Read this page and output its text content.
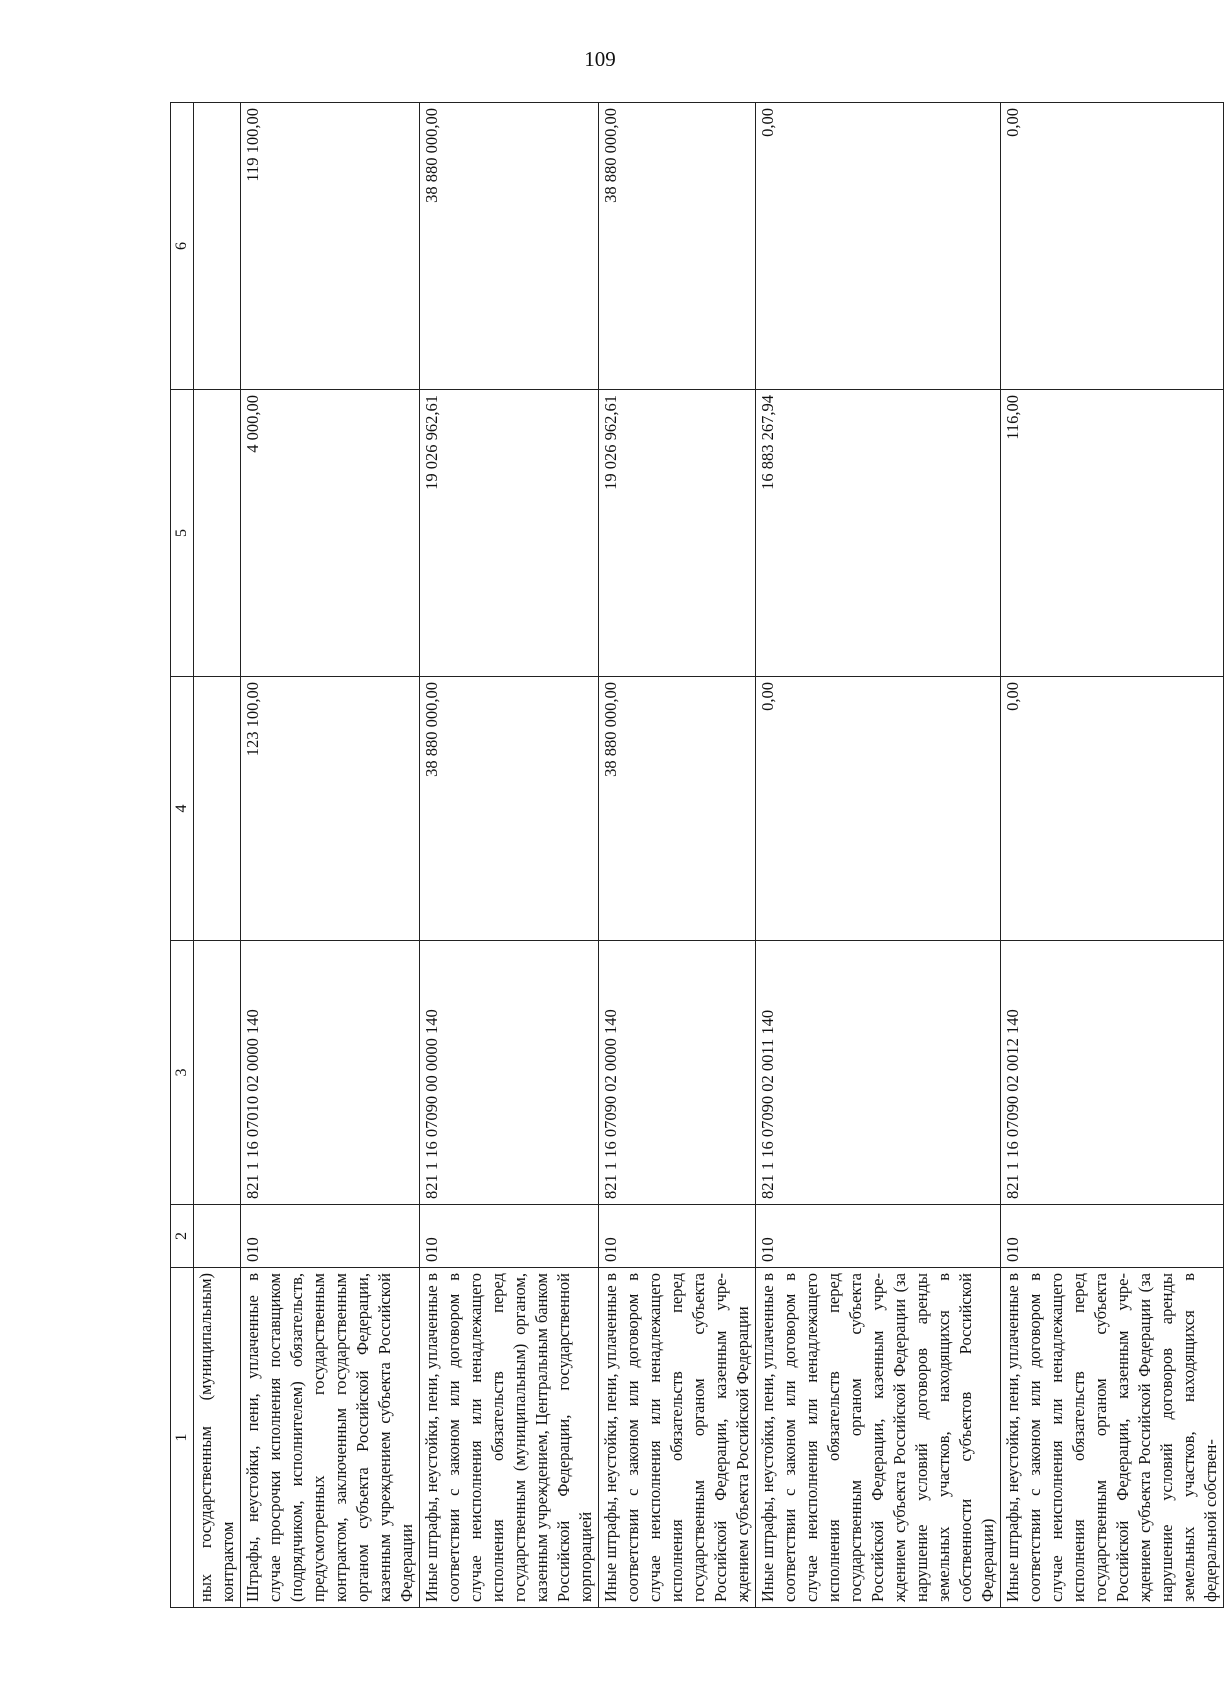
109
1	2	3	4	5	6
ных государственным (муниципальным) контрактом					
Штрафы, неустойки, пени, уплаченные в случае просрочки исполнения поставщиком (подрядчиком, исполнителем) обязательств, предусмотренных государственным контрактом, заключенным государственным органом субъекта Российской Федерации, казенным учреждением субъекта Российской Федерации	010	821 1 16 07010 02 0000 140	123 100,00	4 000,00	119 100,00
Иные штрафы, неустойки, пени, уплаченные в соответствии с законом или договором в случае неисполнения или ненадлежащего исполнения обязательств перед государственным (муниципальным) органом, казенным учреждением, Центральным банком Российской Федерации, государственной корпорацией	010	821 1 16 07090 00 0000 140	38 880 000,00	19 026 962,61	38 880 000,00
Иные штрафы, неустойки, пени, уплаченные в соответствии с законом или договором в случае неисполнения или ненадлежащего исполнения обязательств перед государственным органом субъекта Российской Федерации, казенным учреждением субъекта Российской Федерации	010	821 1 16 07090 02 0000 140	38 880 000,00	19 026 962,61	38 880 000,00
Иные штрафы, неустойки, пени, уплаченные в соответствии с законом или договором в случае неисполнения или ненадлежащего исполнения обязательств перед государственным органом субъекта Российской Федерации, казенным учреждением субъекта Российской Федерации (за нарушение условий договоров аренды земельных участков, находящихся в собственности субъектов Российской Федерации)	010	821 1 16 07090 02 0011 140	0,00	16 883 267,94	0,00
Иные штрафы, неустойки, пени, уплаченные в соответствии с законом или договором в случае неисполнения или ненадлежащего исполнения обязательств перед государственным органом субъекта Российской Федерации, казенным учреждением субъекта Российской Федерации (за нарушение условий договоров аренды земельных участков, находящихся в федеральной собствен-	010	821 1 16 07090 02 0012 140	0,00	116,00	0,00
